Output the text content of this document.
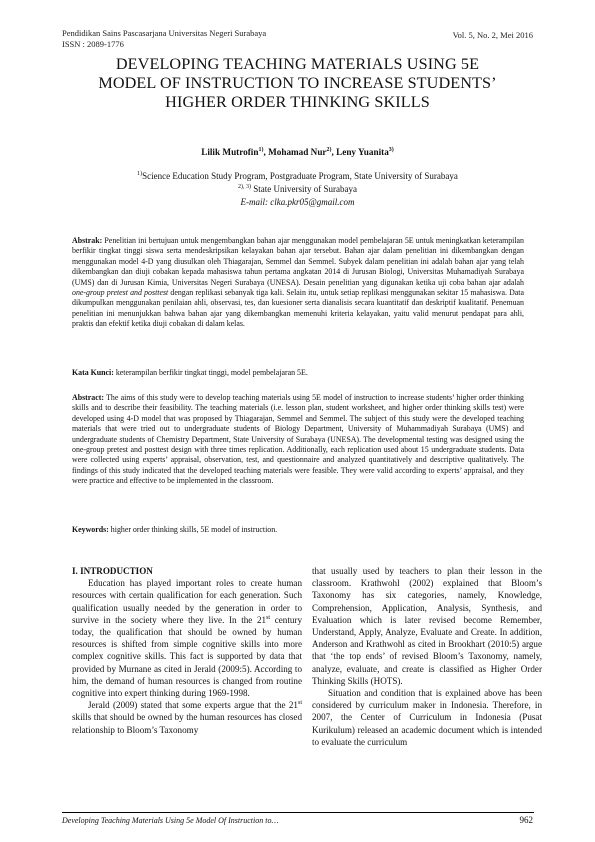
Pendidikan Sains Pascasarjana Universitas Negeri Surabaya
ISSN : 2089-1776
Vol. 5, No. 2, Mei 2016
DEVELOPING TEACHING MATERIALS USING 5E
MODEL OF INSTRUCTION TO INCREASE STUDENTS’
HIGHER ORDER THINKING SKILLS
Lilik Mutrofin$^{1)}$, Mohamad Nur$^{2)}$, Leny Yuanita$^{3)}$
$^{1)}$Science Education Study Program, Postgraduate Program, State University of Surabaya
$^{2), 3)}$ State University of Surabaya
E-mail: clka.pkr05@gmail.com
Abstrak: Penelitian ini bertujuan untuk mengembangkan bahan ajar menggunakan model pembelajaran 5E untuk meningkatkan keterampilan berfikir tingkat tinggi siswa serta mendeskripsikan kelayakan bahan ajar tersebut. Bahan ajar dalam penelitian ini dikembangkan dengan menggunakan model 4-D yang diusulkan oleh Thiagarajan, Semmel dan Semmel. Subyek dalam penelitian ini adalah bahan ajar yang telah dikembangkan dan diuji cobakan kepada mahasiswa tahun pertama angkatan 2014 di Jurusan Biologi, Universitas Muhamadiyah Surabaya (UMS) dan di Jurusan Kimia, Universitas Negeri Surabaya (UNESA). Desain penelitian yang digunakan ketika uji coba bahan ajar adalah one-group pretest and posttest dengan replikasi sebanyak tiga kali. Selain itu, untuk setiap replikasi menggunakan sekitar 15 mahasiswa. Data dikumpulkan menggunakan penilaian ahli, observasi, tes, dan kuesioner serta dianalisis secara kuantitatif dan deskriptif kualitatif. Penemuan penelitian ini menunjukkan bahwa bahan ajar yang dikembangkan memenuhi kriteria kelayakan, yaitu valid menurut pendapat para ahli, praktis dan efektif ketika diuji cobakan di dalam kelas.
Kata Kunci: keterampilan berfikir tingkat tinggi, model pembelajaran 5E.
Abstract: The aims of this study were to develop teaching materials using 5E model of instruction to increase students’ higher order thinking skills and to describe their feasibility. The teaching materials (i.e. lesson plan, student worksheet, and higher order thinking skills test) were developed using 4-D model that was proposed by Thiagarajan, Semmel and Semmel. The subject of this study were the developed teaching materials that were tried out to undergraduate students of Biology Department, University of Muhammadiyah Surabaya (UMS) and undergraduate students of Chemistry Department, State University of Surabaya (UNESA). The developmental testing was designed using the one-group pretest and posttest design with three times replication. Additionally, each replication used about 15 undergraduate students. Data were collected using experts’ appraisal, observation, test, and questionnaire and analyzed quantitatively and descriptive qualitatively. The findings of this study indicated that the developed teaching materials were feasible. They were valid according to experts’ appraisal, and they were practice and effective to be implemented in the classroom.
Keywords: higher order thinking skills, 5E model of instruction.

I. INTRODUCTION

Education has played important roles to create human resources with certain qualification for each generation. Such qualification usually needed by the generation in order to survive in the society where they live. In the 21st century today, the qualification that should be owned by human resources is shifted from simple cognitive skills into more complex cognitive skills. This fact is supported by data that provided by Murnane as cited in Jerald (2009:5). According to him, the demand of human resources is changed from routine cognitive into expert thinking during 1969-1998.

Jerald (2009) stated that some experts argue that the 21st skills that should be owned by the human resources has closed relationship to Bloom’s Taxonomy

that usually used by teachers to plan their lesson in the classroom. Krathwohl (2002) explained that Bloom’s Taxonomy has six categories, namely, Knowledge, Comprehension, Application, Analysis, Synthesis, and Evaluation which is later revised become Remember, Understand, Apply, Analyze, Evaluate and Create. In addition, Anderson and Krathwohl as cited in Brookhart (2010:5) argue that ‘the top ends’ of revised Bloom’s Taxonomy, namely, analyze, evaluate, and create is classified as Higher Order Thinking Skills (HOTS).

Situation and condition that is explained above has been considered by curriculum maker in Indonesia. Therefore, in 2007, the Center of Curriculum in Indonesia (Pusat Kurikulum) released an academic document which is intended to evaluate the curriculum

Developing Teaching Materials Using 5e Model Of Instruction to…	962
